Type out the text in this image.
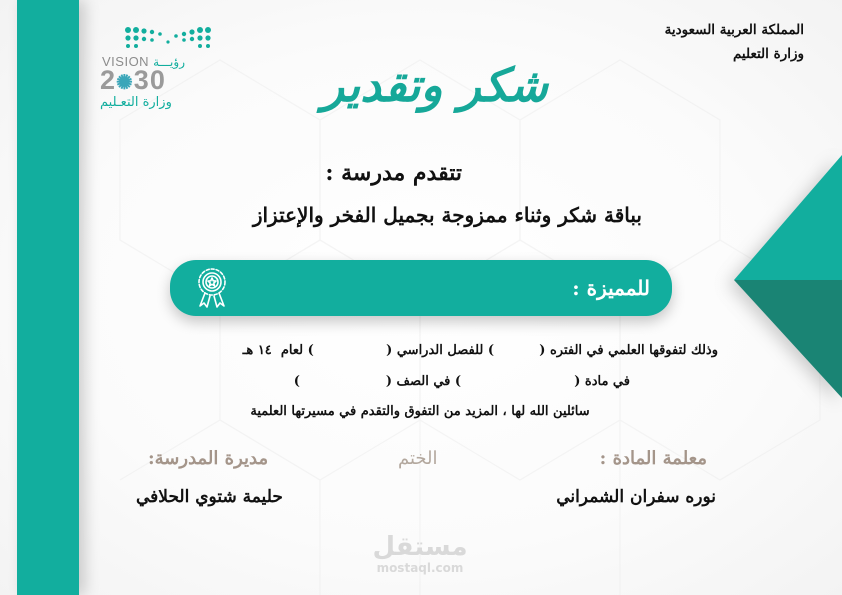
VISION رؤيـــة
2✺30
وزارة التعـليم
المملكة العربية السعودية
وزارة التعليم
شكر وتقدير
تتقدم مدرسة :
بباقة شكر وثناء ممزوجة بجميل الفخر والإعتزاز
للمميزة :
وذلك لتفوقها العلمي في الفتره (          ) للفصل الدراسي (                ) لعام  ١٤ هـ
في مادة (                         ) في الصف (                   )
سائلين الله لها ، المزيد من التفوق والتقدم في مسيرتها العلمية
معلمة المادة :
الختم
مديرة المدرسة:
نوره سفران الشمراني
حليمة شتوي الحلافي
مستقل
mostaql.com
